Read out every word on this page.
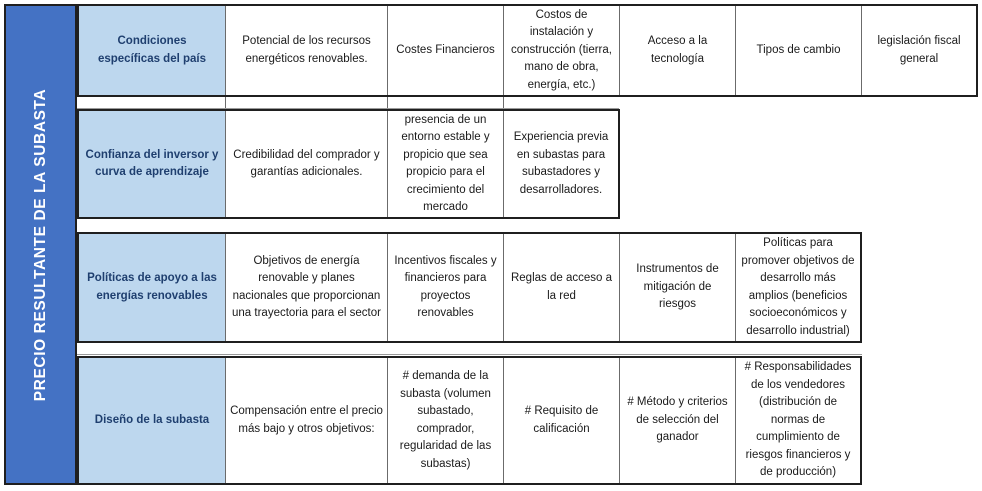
PRECIO RESULTANTE DE LA SUBASTA
Condiciones específicas del país
Potencial de los recursos energéticos renovables.
Costes Financieros
Costos de instalación y construcción (tierra, mano de obra, energía, etc.)
Acceso a la tecnología
Tipos de cambio
legislación fiscal general
Confianza del inversor y curva de aprendizaje
Credibilidad del comprador y garantías adicionales.
presencia de un entorno estable y propicio que sea propicio para el crecimiento del mercado
Experiencia previa en subastas para subastadores y desarrolladores.
Políticas de apoyo a las energías renovables
Objetivos de energía renovable y planes nacionales que proporcionan una trayectoria para el sector
Incentivos fiscales y financieros para proyectos renovables
Reglas de acceso a la red
Instrumentos de mitigación de riesgos
Políticas para promover objetivos de desarrollo más amplios (beneficios socioeconómicos y desarrollo industrial)
Diseño de la subasta
Compensación entre el precio más bajo y otros objetivos:
# demanda de la subasta (volumen subastado, comprador, regularidad de las subastas)
# Requisito de calificación
# Método y criterios de selección del ganador
# Responsabilidades de los vendedores (distribución de normas de cumplimiento de riesgos financieros y de producción)
